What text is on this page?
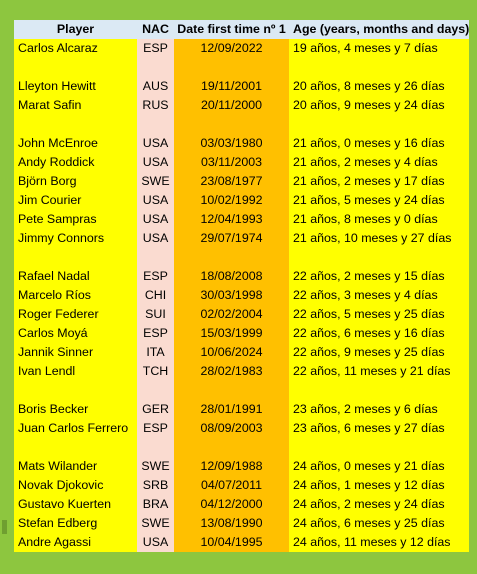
Player	NAC	Date first time nº 1	Age (years, months and days)
Carlos Alcaraz	ESP	12/09/2022	19 años, 4 meses y 7 días

Lleyton Hewitt	AUS	19/11/2001	20 años, 8 meses y 26 días
Marat Safin	RUS	20/11/2000	20 años, 9 meses y 24 días

John McEnroe	USA	03/03/1980	21 años, 0 meses y 16 días
Andy Roddick	USA	03/11/2003	21 años, 2 meses y 4 días
Björn Borg	SWE	23/08/1977	21 años, 2 meses y 17 días
Jim Courier	USA	10/02/1992	21 años, 5 meses y 24 días
Pete Sampras	USA	12/04/1993	21 años, 8 meses y 0 días
Jimmy Connors	USA	29/07/1974	21 años, 10 meses y 27 días

Rafael Nadal	ESP	18/08/2008	22 años, 2 meses y 15 días
Marcelo Ríos	CHI	30/03/1998	22 años, 3 meses y 4 días
Roger Federer	SUI	02/02/2004	22 años, 5 meses y 25 días
Carlos Moyá	ESP	15/03/1999	22 años, 6 meses y 16 días
Jannik Sinner	ITA	10/06/2024	22 años, 9 meses y 25 días
Ivan Lendl	TCH	28/02/1983	22 años, 11 meses y 21 días

Boris Becker	GER	28/01/1991	23 años, 2 meses y 6 días
Juan Carlos Ferrero	ESP	08/09/2003	23 años, 6 meses y 27 días

Mats Wilander	SWE	12/09/1988	24 años, 0 meses y 21 días
Novak Djokovic	SRB	04/07/2011	24 años, 1 meses y 12 días
Gustavo Kuerten	BRA	04/12/2000	24 años, 2 meses y 24 días
Stefan Edberg	SWE	13/08/1990	24 años, 6 meses y 25 días
Andre Agassi	USA	10/04/1995	24 años, 11 meses y 12 días
